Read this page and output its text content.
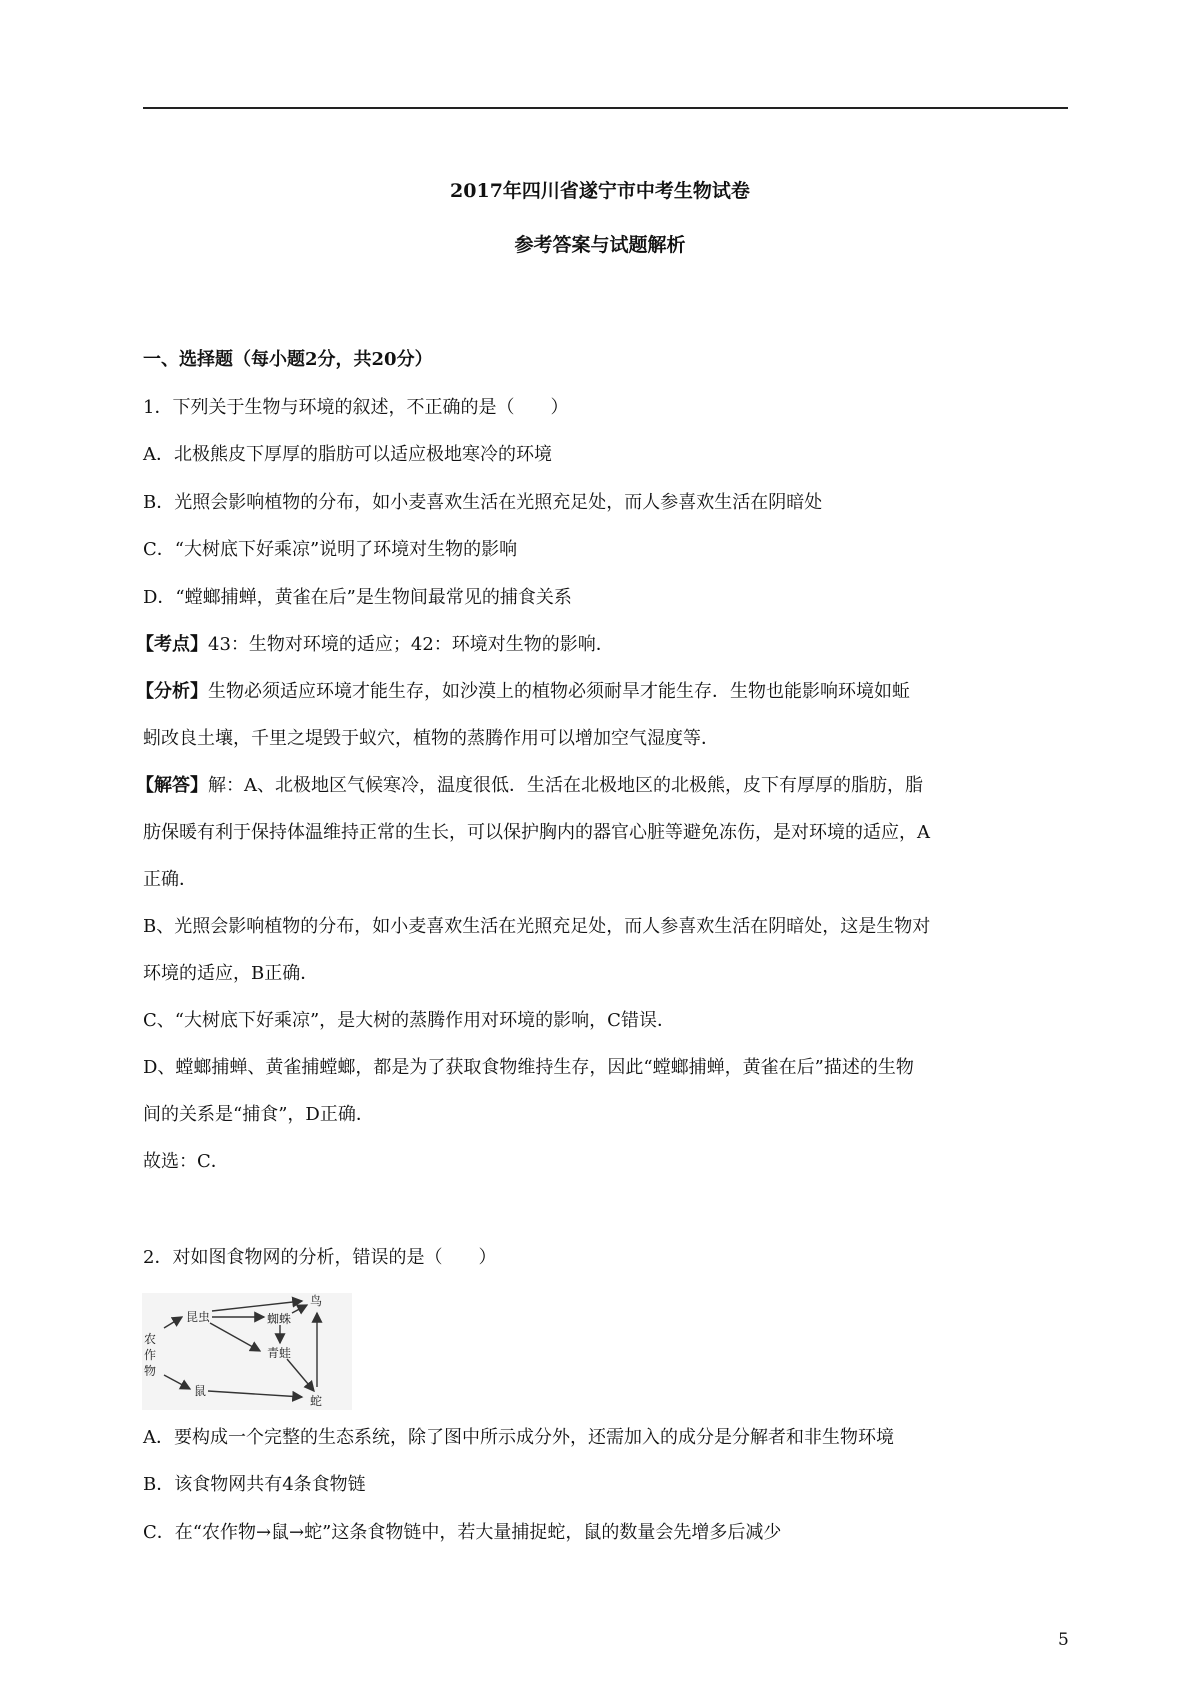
2017年四川省遂宁市中考生物试卷
参考答案与试题解析
一、选择题（每小题2分，共20分）
1．下列关于生物与环境的叙述，不正确的是（　　）
A．北极熊皮下厚厚的脂肪可以适应极地寒冷的环境
B．光照会影响植物的分布，如小麦喜欢生活在光照充足处，而人参喜欢生活在阴暗处
C．“大树底下好乘凉”说明了环境对生物的影响
D．“螳螂捕蝉，黄雀在后”是生物间最常见的捕食关系
【考点】43：生物对环境的适应；42：环境对生物的影响．
【分析】生物必须适应环境才能生存，如沙漠上的植物必须耐旱才能生存．生物也能影响环境如蚯
蚓改良土壤，千里之堤毁于蚁穴，植物的蒸腾作用可以增加空气湿度等．
【解答】解：A、北极地区气候寒冷，温度很低．生活在北极地区的北极熊，皮下有厚厚的脂肪，脂
肪保暖有利于保持体温维持正常的生长，可以保护胸内的器官心脏等避免冻伤，是对环境的适应，A
正确．
B、光照会影响植物的分布，如小麦喜欢生活在光照充足处，而人参喜欢生活在阴暗处，这是生物对
环境的适应，B正确．
C、“大树底下好乘凉”，是大树的蒸腾作用对环境的影响，C错误．
D、螳螂捕蝉、黄雀捕螳螂，都是为了获取食物维持生存，因此“螳螂捕蝉，黄雀在后”描述的生物
间的关系是“捕食”，D正确．
故选：C．
2．对如图食物网的分析，错误的是（　　）
农
作
物
昆虫	蜘蛛
鸟
青蛙
鼠
蛇
A．要构成一个完整的生态系统，除了图中所示成分外，还需加入的成分是分解者和非生物环境
B．该食物网共有4条食物链
C．在“农作物→鼠→蛇”这条食物链中，若大量捕捉蛇，鼠的数量会先增多后减少
5
